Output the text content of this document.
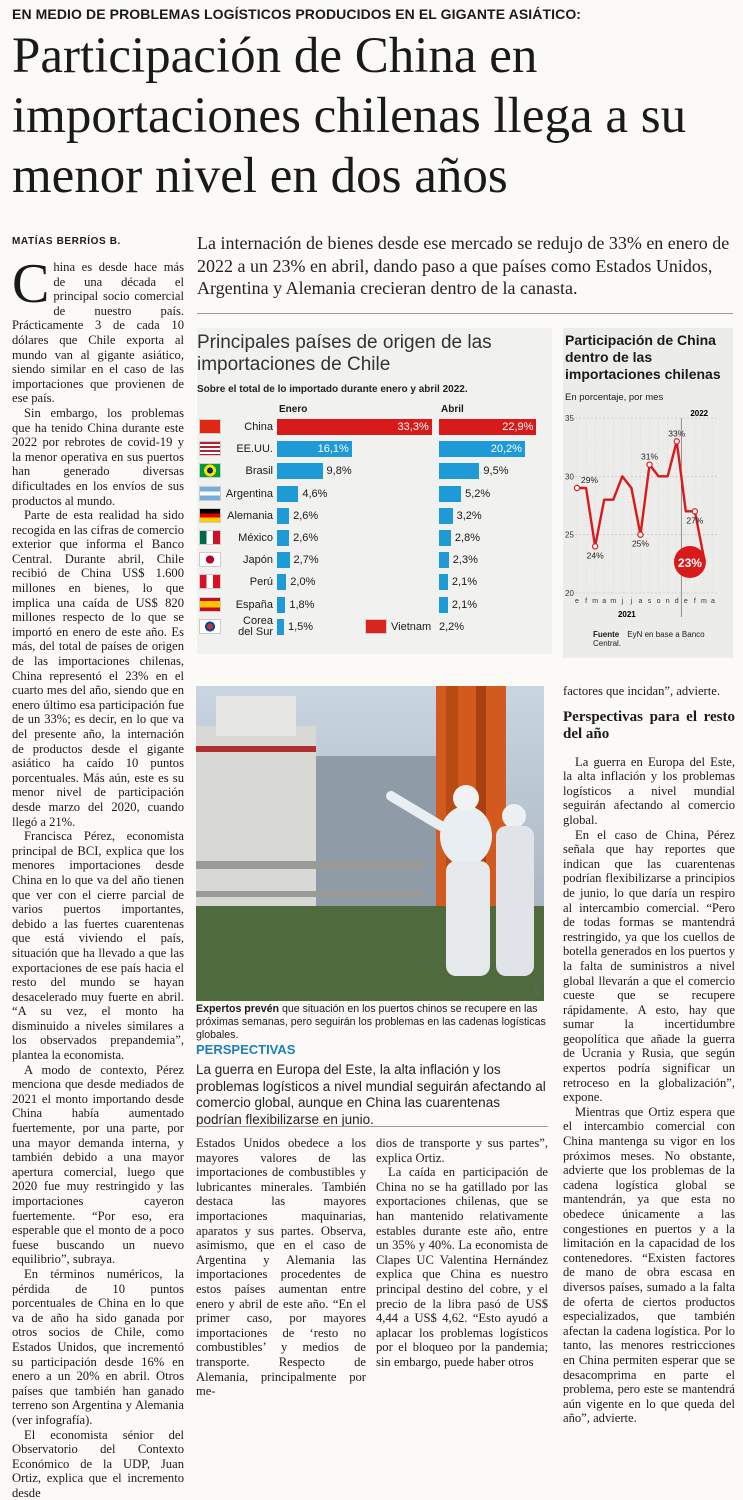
EN MEDIO DE PROBLEMAS LOGÍSTICOS PRODUCIDOS EN EL GIGANTE ASIÁTICO:
Participación de China en importaciones chilenas llega a su menor nivel en dos años
MATÍAS BERRÍOS B.	La internación de bienes desde ese mercado se redujo de 33% en enero de 2022 a un 23% en abril, dando paso a que países como Estados Unidos, Argentina y Alemania crecieran dentro de la canasta.
C hina es desde hace más de una década el principal socio comercial de nuestro país. Prácticamente 3 de cada 10 dólares que Chile exporta al mundo van al gigante asiático, siendo similar en el caso de las importaciones que provienen de ese país.

Sin embargo, los problemas que ha tenido China durante este 2022 por rebrotes de covid-19 y la menor operativa en sus puertos han generado diversas dificultades en los envíos de sus productos al mundo.

Parte de esta realidad ha sido recogida en las cifras de comercio exterior que informa el Banco Central. Durante abril, Chile recibió de China US$ 1.600 millones en bienes, lo que implica una caída de US$ 820 millones respecto de lo que se importó en enero de este año. Es más, del total de países de origen de las importaciones chilenas, China representó el 23% en el cuarto mes del año, siendo que en enero último esa participación fue de un 33%; es decir, en lo que va del presente año, la internación de productos desde el gigante asiático ha caído 10 puntos porcentuales. Más aún, este es su menor nivel de participación desde marzo del 2020, cuando llegó a 21%.

Francisca Pérez, economista principal de BCI, explica que los menores importaciones desde China en lo que va del año tienen que ver con el cierre parcial de varios puertos importantes, debido a las fuertes cuarentenas que está viviendo el país, situación que ha llevado a que las exportaciones de ese país hacia el resto del mundo se hayan desacelerado muy fuerte en abril. “A su vez, el monto ha disminuido a niveles similares a los observados prepandemia”, plantea la economista.

A modo de contexto, Pérez menciona que desde mediados de 2021 el monto importando desde China había aumentado fuertemente, por una parte, por una mayor demanda interna, y también debido a una mayor apertura comercial, luego que 2020 fue muy restringido y las importaciones cayeron fuertemente. “Por eso, era esperable que el monto de a poco fuese buscando un nuevo equilibrio”, subraya.

En términos numéricos, la pérdida de 10 puntos porcentuales de China en lo que va de año ha sido ganada por otros socios de Chile, como Estados Unidos, que incrementó su participación desde 16% en enero a un 20% en abril. Otros países que también han ganado terreno son Argentina y Alemania (ver infografía).

El economista sénior del Observatorio del Contexto Económico de la UDP, Juan Ortiz, explica que el incremento desde

Principales países de origen de las importaciones de Chile
Sobre el total de lo importado durante enero y abril 2022.
Enero	Abril
China	33,3%	22,9%
EE.UU.	16,1%	20,2%
Brasil	9,8%	9,5%
Argentina	4,6%	5,2%
Alemania 2,6%	3,2%
México 2,6%	2,8%
Japón 2,7%	2,3%
Perú 2,0%	2,1%
España 1,8%	2,1%
Corea
del Sur 1,5%	Vietnam 2,2%
Participación de China dentro de las importaciones chilenas
En porcentaje, por mes
20
25
30
35
e f m a m j j a s o n d e f m a
2021
2022
29%
24%
25%
31%
33%
27%
23%
Fuente EyN en base a Banco Central.
AFP
Expertos prevén que situación en los puertos chinos se recupere en las próximas semanas, pero seguirán los problemas en las cadenas logísticas globales.
PERSPECTIVAS
La guerra en Europa del Este, la alta inflación y los problemas logísticos a nivel mundial seguirán afectando al comercio global, aunque en China las cuarentenas podrían flexibilizarse en junio.

Estados Unidos obedece a los mayores valores de las importaciones de combustibles y lubricantes minerales. También destaca las mayores importaciones maquinarias, aparatos y sus partes. Observa, asimismo, que en el caso de Argentina y Alemania las importaciones procedentes de estos países aumentan entre enero y abril de este año. “En el primer caso, por mayores importaciones de ‘resto no combustibles’ y medios de transporte. Respecto de Alemania, principalmente por me-

dios de transporte y sus partes”, explica Ortiz.

La caída en participación de China no se ha gatillado por las exportaciones chilenas, que se han mantenido relativamente estables durante este año, entre un 35% y 40%. La economista de Clapes UC Valentina Hernández explica que China es nuestro principal destino del cobre, y el precio de la libra pasó de US$ 4,44 a US$ 4,62. “Esto ayudó a aplacar los problemas logísticos por el bloqueo por la pandemia; sin embargo, puede haber otros

factores que incidan”, advierte.

Perspectivas para el resto del año

La guerra en Europa del Este, la alta inflación y los problemas logísticos a nivel mundial seguirán afectando al comercio global.

En el caso de China, Pérez señala que hay reportes que indican que las cuarentenas podrían flexibilizarse a principios de junio, lo que daría un respiro al intercambio comercial. “Pero de todas formas se mantendrá restringido, ya que los cuellos de botella generados en los puertos y la falta de suministros a nivel global llevarán a que el comercio cueste que se recupere rápidamente. A esto, hay que sumar la incertidumbre geopolítica que añade la guerra de Ucrania y Rusia, que según expertos podría significar un retroceso en la globalización”, expone.

Mientras que Ortiz espera que el intercambio comercial con China mantenga su vigor en los próximos meses. No obstante, advierte que los problemas de la cadena logística global se mantendrán, ya que esta no obedece únicamente a las congestiones en puertos y a la limitación en la capacidad de los contenedores. “Existen factores de mano de obra escasa en diversos países, sumado a la falta de oferta de ciertos productos especializados, que también afectan la cadena logística. Por lo tanto, las menores restricciones en China permiten esperar que se desacomprima en parte el problema, pero este se mantendrá aún vigente en lo que queda del año”, advierte.
